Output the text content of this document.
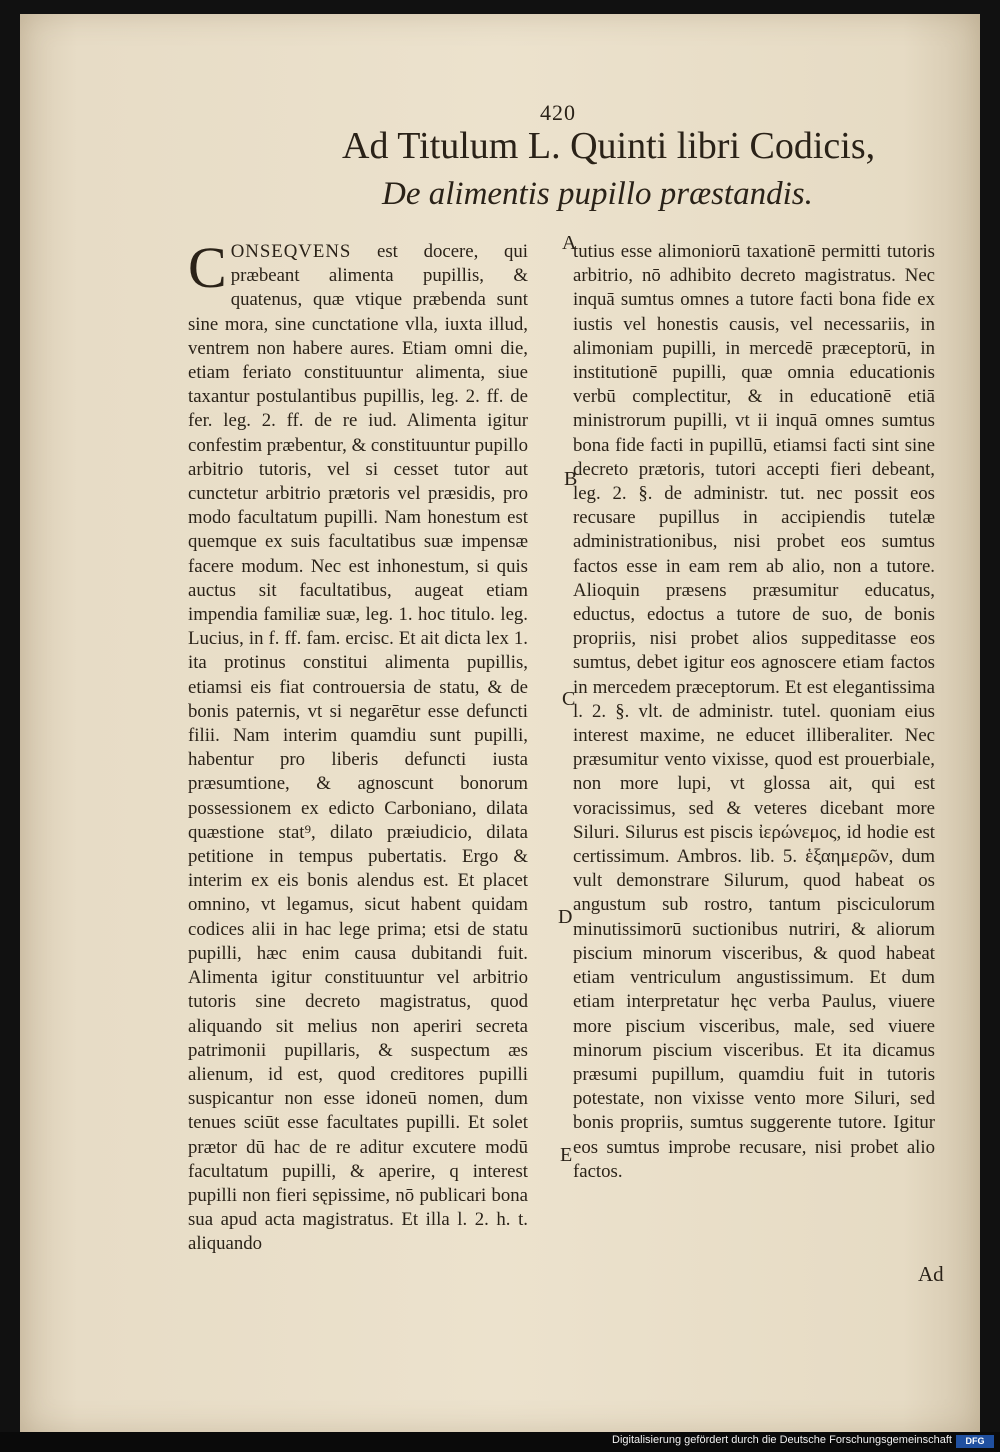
420
Ad Titulum L. Quinti libri Codicis,
De alimentis pupillo præstandis.

C ONSEQVENS est docere, qui præbeant alimenta pupillis, & quatenus, quæ vtique præbenda sunt sine mora, sine cunctatione vlla, iuxta illud, ventrem non habere aures. Etiam omni die, etiam feriato constituuntur alimenta, siue taxantur postulantibus pupillis, leg. 2. ff. de fer. leg. 2. ff. de re iud. Alimenta igitur confestim præbentur, & constituuntur pupillo arbitrio tutoris, vel si cesset tutor aut cunctetur arbitrio prætoris vel præsidis, pro modo facultatum pupilli. Nam honestum est quemque ex suis facultatibus suæ impensæ facere modum. Nec est inhonestum, si quis auctus sit facultatibus, augeat etiam impendia familiæ suæ, leg. 1. hoc titulo. leg. Lucius, in f. ff. fam. ercisc. Et ait dicta lex 1. ita protinus constitui alimenta pupillis, etiamsi eis fiat controuersia de statu, & de bonis paternis, vt si negarētur esse defuncti filii. Nam interim quamdiu sunt pupilli, habentur pro liberis defuncti iusta præsumtione, & agnoscunt bonorum possessionem ex edicto Carboniano, dilata quæstione stat⁹, dilato præiudicio, dilata petitione in tempus pubertatis. Ergo & interim ex eis bonis alendus est. Et placet omnino, vt legamus, sicut habent quidam codices alii in hac lege prima; etsi de statu pupilli, hæc enim causa dubitandi fuit. Alimenta igitur constituuntur vel arbitrio tutoris sine decreto magistratus, quod aliquando sit melius non aperiri secreta patrimonii pupillaris, & suspectum æs alienum, id est, quod creditores pupilli suspicantur non esse idoneū nomen, dum tenues sciūt esse facultates pupilli. Et solet prætor dū hac de re aditur excutere modū facultatum pupilli, & aperire, q interest pupilli non fieri sępissime, nō publicari bona sua apud acta magistratus. Et illa l. 2. h. t. aliquando

tutius esse alimoniorū taxationē permitti tutoris arbitrio, nō adhibito decreto magistratus. Nec inquā sumtus omnes a tutore facti bona fide ex iustis vel honestis causis, vel necessariis, in alimoniam pupilli, in mercedē præceptorū, in institutionē pupilli, quæ omnia educationis verbū complectitur, & in educationē etiā ministrorum pupilli, vt ii inquā omnes sumtus bona fide facti in pupillū, etiamsi facti sint sine decreto prætoris, tutori accepti fieri debeant, leg. 2. §. de administr. tut. nec possit eos recusare pupillus in accipiendis tutelæ administrationibus, nisi probet eos sumtus factos esse in eam rem ab alio, non a tutore. Alioquin præsens præsumitur educatus, eductus, edoctus a tutore de suo, de bonis propriis, nisi probet alios suppeditasse eos sumtus, debet igitur eos agnoscere etiam factos in mercedem præceptorum. Et est elegantissima l. 2. §. vlt. de administr. tutel. quoniam eius interest maxime, ne educet illiberaliter. Nec præsumitur vento vixisse, quod est prouerbiale, non more lupi, vt glossa ait, qui est voracissimus, sed & veteres dicebant more Siluri. Silurus est piscis ἰερώνεμος, id hodie est certissimum. Ambros. lib. 5. ἑξαημερῶν, dum vult demonstrare Silurum, quod habeat os angustum sub rostro, tantum pisciculorum minutissimorū suctionibus nutriri, & aliorum piscium minorum visceribus, & quod habeat etiam ventriculum angustissimum. Et dum etiam interpretatur hęc verba Paulus, viuere more piscium visceribus, male, sed viuere minorum piscium visceribus. Et ita dicamus præsumi pupillum, quamdiu fuit in tutoris potestate, non vixisse vento more Siluri, sed bonis propriis, sumtus suggerente tutore. Igitur eos sumtus improbe recusare, nisi probet alio factos.

A
B
C
D
E
Ad
Digitalisierung gefördert durch die Deutsche Forschungsgemeinschaft	DFG
